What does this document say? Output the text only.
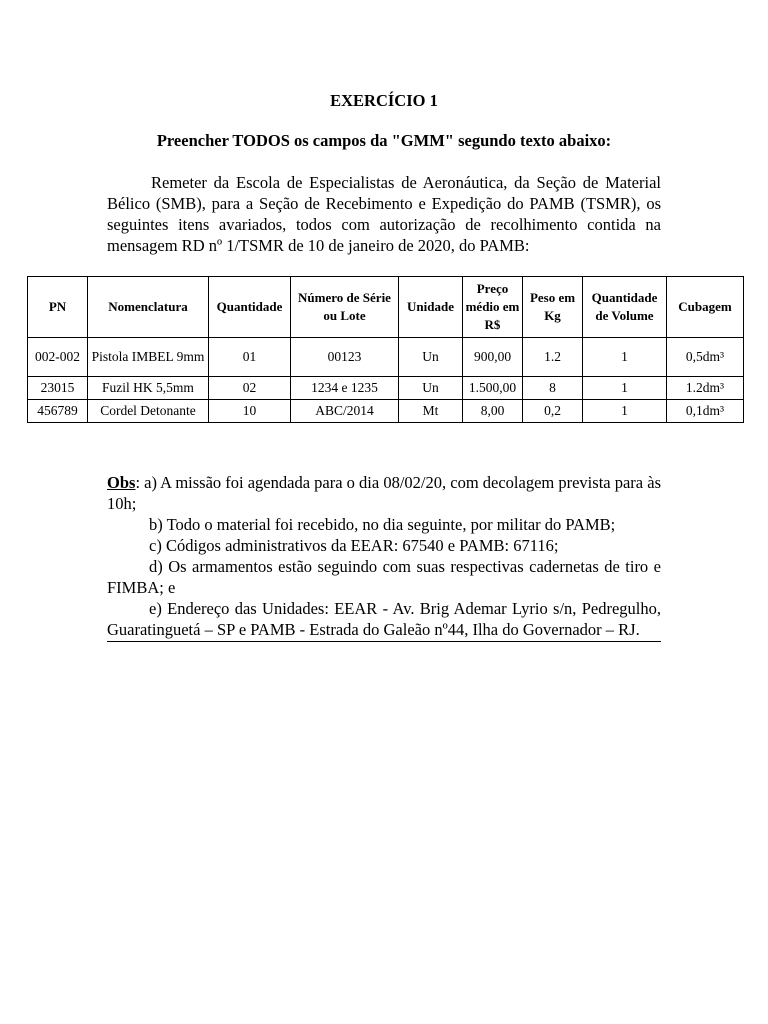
EXERCÍCIO 1
Preencher TODOS os campos da "GMM" segundo texto abaixo:

Remeter da Escola de Especialistas de Aeronáutica, da Seção de Material Bélico (SMB), para a Seção de Recebimento e Expedição do PAMB (TSMR), os seguintes itens avariados, todos com autorização de recolhimento contida na mensagem RD nº 1/TSMR de 10 de janeiro de 2020, do PAMB:

PN	Nomenclatura	Quantidade	Número de Série ou Lote	Unidade	Preço médio em R$	Peso em Kg	Quantidade de Volume	Cubagem
002-002	Pistola IMBEL 9mm	01	00123	Un	900,00	1.2	1	0,5dm³
23015	Fuzil HK 5,5mm	02	1234 e 1235	Un	1.500,00	8	1	1.2dm³
456789	Cordel Detonante	10	ABC/2014	Mt	8,00	0,2	1	0,1dm³

Obs: a) A missão foi agendada para o dia 08/02/20, com decolagem prevista para às 10h;

b) Todo o material foi recebido, no dia seguinte, por militar do PAMB;

c) Códigos administrativos da EEAR: 67540 e PAMB: 67116;

d) Os armamentos estão seguindo com suas respectivas cadernetas de tiro e FIMBA; e

e) Endereço das Unidades: EEAR - Av. Brig Ademar Lyrio s/n, Pedregulho, Guaratinguetá – SP e PAMB - Estrada do Galeão nº44, Ilha do Governador – RJ.
